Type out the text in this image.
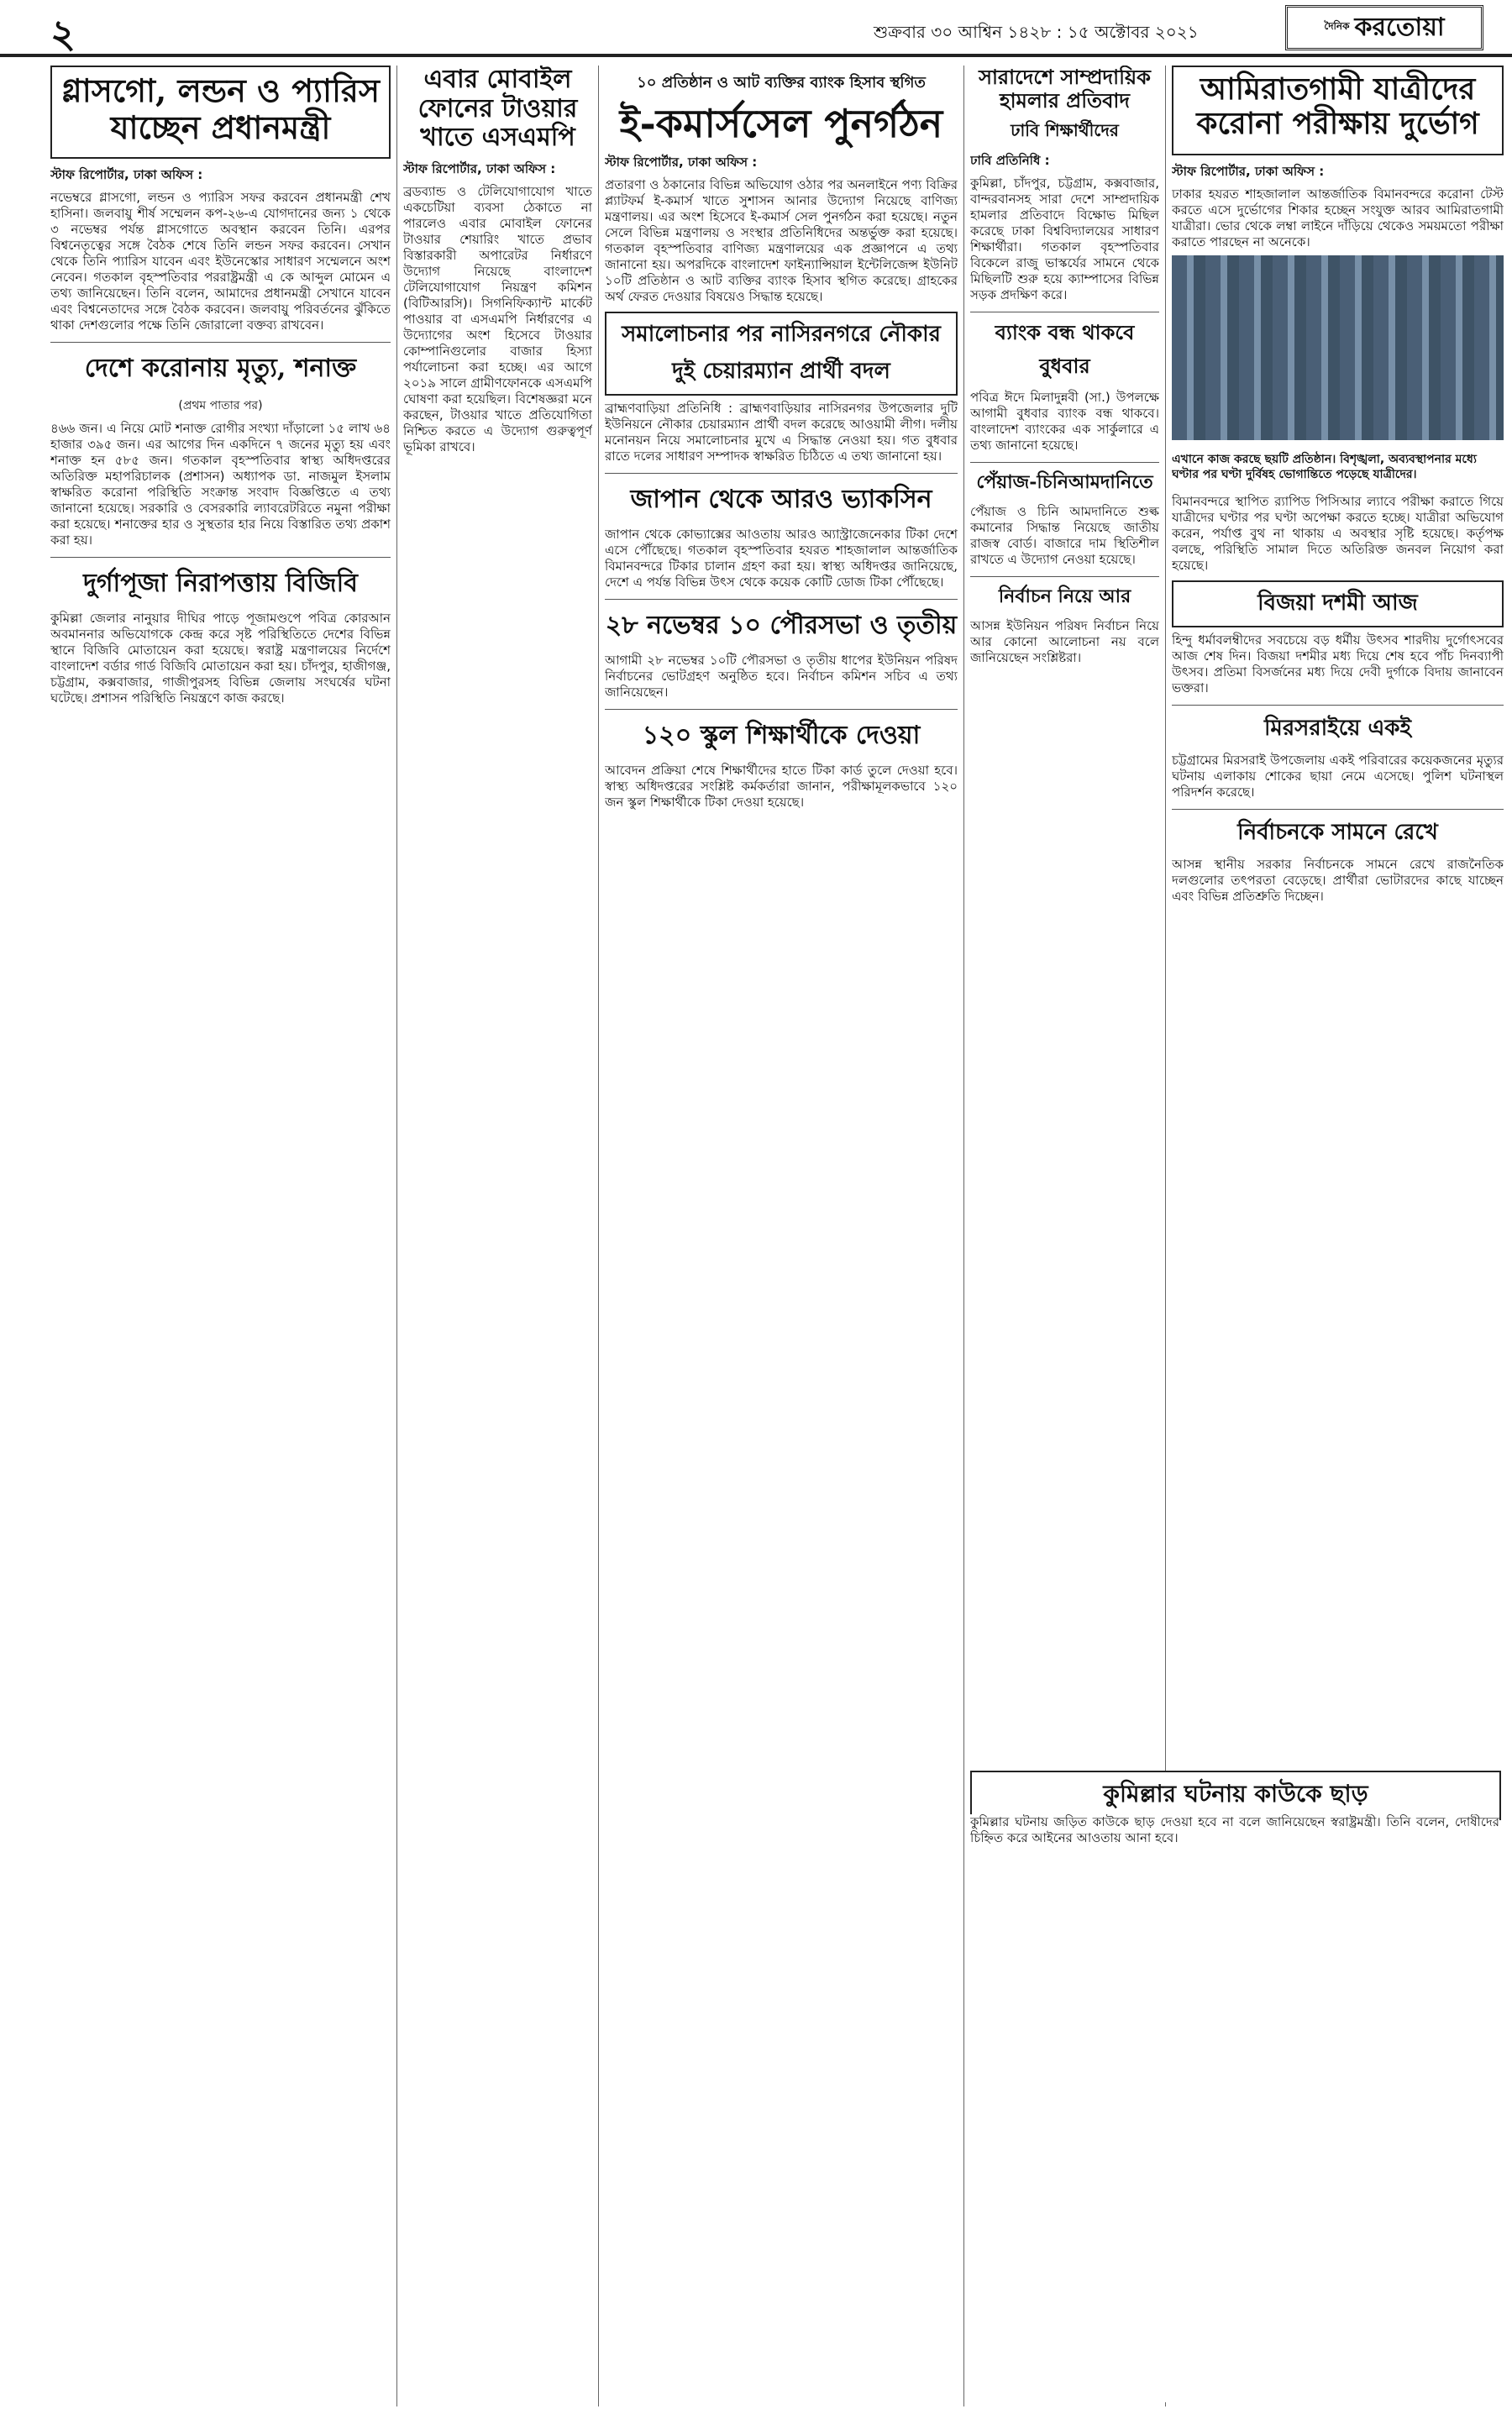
২	শুক্রবার ৩০ আশ্বিন ১৪২৮ : ১৫ অক্টোবর ২০২১	দৈনিক করতোয়া
গ্লাসগো, লন্ডন ও প্যারিস যাচ্ছেন প্রধানমন্ত্রী

স্টাফ রিপোর্টার, ঢাকা অফিস :

নভেম্বরে গ্লাসগো, লন্ডন ও প্যারিস সফর করবেন প্রধানমন্ত্রী শেখ হাসিনা। জলবায়ু শীর্ষ সম্মেলন কপ-২৬-এ যোগদানের জন্য ১ থেকে ৩ নভেম্বর পর্যন্ত গ্লাসগোতে অবস্থান করবেন তিনি। এরপর বিশ্বনেতৃত্বের সঙ্গে বৈঠক শেষে তিনি লন্ডন সফর করবেন। সেখান থেকে তিনি প্যারিস যাবেন এবং ইউনেস্কোর সাধারণ সম্মেলনে অংশ নেবেন। গতকাল বৃহস্পতিবার পররাষ্ট্রমন্ত্রী এ কে আব্দুল মোমেন এ তথ্য জানিয়েছেন। তিনি বলেন, আমাদের প্রধানমন্ত্রী সেখানে যাবেন এবং বিশ্বনেতাদের সঙ্গে বৈঠক করবেন। জলবায়ু পরিবর্তনের ঝুঁকিতে থাকা দেশগুলোর পক্ষে তিনি জোরালো বক্তব্য রাখবেন।

দেশে করোনায় মৃত্যু, শনাক্ত

(প্রথম পাতার পর)

৪৬৬ জন। এ নিয়ে মোট শনাক্ত রোগীর সংখ্যা দাঁড়ালো ১৫ লাখ ৬৪ হাজার ৩৯৫ জন। এর আগের দিন একদিনে ৭ জনের মৃত্যু হয় এবং শনাক্ত হন ৫৮৫ জন। গতকাল বৃহস্পতিবার স্বাস্থ্য অধিদপ্তরের অতিরিক্ত মহাপরিচালক (প্রশাসন) অধ্যাপক ডা. নাজমুল ইসলাম স্বাক্ষরিত করোনা পরিস্থিতি সংক্রান্ত সংবাদ বিজ্ঞপ্তিতে এ তথ্য জানানো হয়েছে। সরকারি ও বেসরকারি ল্যাবরেটরিতে নমুনা পরীক্ষা করা হয়েছে। শনাক্তের হার ও সুস্থতার হার নিয়ে বিস্তারিত তথ্য প্রকাশ করা হয়।

দুর্গাপূজা নিরাপত্তায় বিজিবি

কুমিল্লা জেলার নানুয়ার দীঘির পাড়ে পূজামণ্ডপে পবিত্র কোরআন অবমাননার অভিযোগকে কেন্দ্র করে সৃষ্ট পরিস্থিতিতে দেশের বিভিন্ন স্থানে বিজিবি মোতায়েন করা হয়েছে। স্বরাষ্ট্র মন্ত্রণালয়ের নির্দেশে বাংলাদেশ বর্ডার গার্ড বিজিবি মোতায়েন করা হয়। চাঁদপুর, হাজীগঞ্জ, চট্টগ্রাম, কক্সবাজার, গাজীপুরসহ বিভিন্ন জেলায় সংঘর্ষের ঘটনা ঘটেছে। প্রশাসন পরিস্থিতি নিয়ন্ত্রণে কাজ করছে।

এবার মোবাইল ফোনের টাওয়ার খাতে এসএমপি

স্টাফ রিপোর্টার, ঢাকা অফিস :

ব্রডব্যান্ড ও টেলিযোগাযোগ খাতে একচেটিয়া ব্যবসা ঠেকাতে না পারলেও এবার মোবাইল ফোনের টাওয়ার শেয়ারিং খাতে প্রভাব বিস্তারকারী অপারেটর নির্ধারণে উদ্যোগ নিয়েছে বাংলাদেশ টেলিযোগাযোগ নিয়ন্ত্রণ কমিশন (বিটিআরসি)। সিগনিফিক্যান্ট মার্কেট পাওয়ার বা এসএমপি নির্ধারণের এ উদ্যোগের অংশ হিসেবে টাওয়ার কোম্পানিগুলোর বাজার হিস্যা পর্যালোচনা করা হচ্ছে। এর আগে ২০১৯ সালে গ্রামীণফোনকে এসএমপি ঘোষণা করা হয়েছিল। বিশেষজ্ঞরা মনে করছেন, টাওয়ার খাতে প্রতিযোগিতা নিশ্চিত করতে এ উদ্যোগ গুরুত্বপূর্ণ ভূমিকা রাখবে।

১০ প্রতিষ্ঠান ও আট ব্যক্তির ব্যাংক হিসাব স্থগিত

ই-কমার্সসেল পুনর্গঠন

স্টাফ রিপোর্টার, ঢাকা অফিস :

প্রতারণা ও ঠকানোর বিভিন্ন অভিযোগ ওঠার পর অনলাইনে পণ্য বিক্রির প্ল্যাটফর্ম ই-কমার্স খাতে সুশাসন আনার উদ্যোগ নিয়েছে বাণিজ্য মন্ত্রণালয়। এর অংশ হিসেবে ই-কমার্স সেল পুনর্গঠন করা হয়েছে। নতুন সেলে বিভিন্ন মন্ত্রণালয় ও সংস্থার প্রতিনিধিদের অন্তর্ভুক্ত করা হয়েছে। গতকাল বৃহস্পতিবার বাণিজ্য মন্ত্রণালয়ের এক প্রজ্ঞাপনে এ তথ্য জানানো হয়। অপরদিকে বাংলাদেশ ফাইন্যান্সিয়াল ইন্টেলিজেন্স ইউনিট ১০টি প্রতিষ্ঠান ও আট ব্যক্তির ব্যাংক হিসাব স্থগিত করেছে। গ্রাহকের অর্থ ফেরত দেওয়ার বিষয়েও সিদ্ধান্ত হয়েছে।

সমালোচনার পর নাসিরনগরে নৌকার দুই চেয়ারম্যান প্রার্থী বদল

ব্রাহ্মণবাড়িয়া প্রতিনিধি : ব্রাহ্মণবাড়িয়ার নাসিরনগর উপজেলার দুটি ইউনিয়নে নৌকার চেয়ারম্যান প্রার্থী বদল করেছে আওয়ামী লীগ। দলীয় মনোনয়ন নিয়ে সমালোচনার মুখে এ সিদ্ধান্ত নেওয়া হয়। গত বুধবার রাতে দলের সাধারণ সম্পাদক স্বাক্ষরিত চিঠিতে এ তথ্য জানানো হয়।

জাপান থেকে আরও ভ্যাকসিন

জাপান থেকে কোভ্যাক্সের আওতায় আরও অ্যাস্ট্রাজেনেকার টিকা দেশে এসে পৌঁছেছে। গতকাল বৃহস্পতিবার হযরত শাহজালাল আন্তর্জাতিক বিমানবন্দরে টিকার চালান গ্রহণ করা হয়। স্বাস্থ্য অধিদপ্তর জানিয়েছে, দেশে এ পর্যন্ত বিভিন্ন উৎস থেকে কয়েক কোটি ডোজ টিকা পৌঁছেছে।

২৮ নভেম্বর ১০ পৌরসভা ও তৃতীয়

আগামী ২৮ নভেম্বর ১০টি পৌরসভা ও তৃতীয় ধাপের ইউনিয়ন পরিষদ নির্বাচনের ভোটগ্রহণ অনুষ্ঠিত হবে। নির্বাচন কমিশন সচিব এ তথ্য জানিয়েছেন।

১২০ স্কুল শিক্ষার্থীকে দেওয়া

আবেদন প্রক্রিয়া শেষে শিক্ষার্থীদের হাতে টিকা কার্ড তুলে দেওয়া হবে। স্বাস্থ্য অধিদপ্তরের সংশ্লিষ্ট কর্মকর্তারা জানান, পরীক্ষামূলকভাবে ১২০ জন স্কুল শিক্ষার্থীকে টিকা দেওয়া হয়েছে।

সারাদেশে সাম্প্রদায়িক হামলার প্রতিবাদ

ঢাবি শিক্ষার্থীদের

ঢাবি প্রতিনিধি :

কুমিল্লা, চাঁদপুর, চট্টগ্রাম, কক্সবাজার, বান্দরবানসহ সারা দেশে সাম্প্রদায়িক হামলার প্রতিবাদে বিক্ষোভ মিছিল করেছে ঢাকা বিশ্ববিদ্যালয়ের সাধারণ শিক্ষার্থীরা। গতকাল বৃহস্পতিবার বিকেলে রাজু ভাস্কর্যের সামনে থেকে মিছিলটি শুরু হয়ে ক্যাম্পাসের বিভিন্ন সড়ক প্রদক্ষিণ করে।

ব্যাংক বন্ধ থাকবে বুধবার

পবিত্র ঈদে মিলাদুন্নবী (সা.) উপলক্ষে আগামী বুধবার ব্যাংক বন্ধ থাকবে। বাংলাদেশ ব্যাংকের এক সার্কুলারে এ তথ্য জানানো হয়েছে।

পেঁয়াজ-চিনিআমদানিতে

পেঁয়াজ ও চিনি আমদানিতে শুল্ক কমানোর সিদ্ধান্ত নিয়েছে জাতীয় রাজস্ব বোর্ড। বাজারে দাম স্থিতিশীল রাখতে এ উদ্যোগ নেওয়া হয়েছে।

নির্বাচন নিয়ে আর

আসন্ন ইউনিয়ন পরিষদ নির্বাচন নিয়ে আর কোনো আলোচনা নয় বলে জানিয়েছেন সংশ্লিষ্টরা।

আমিরাতগামী যাত্রীদের করোনা পরীক্ষায় দুর্ভোগ

স্টাফ রিপোর্টার, ঢাকা অফিস :

ঢাকার হযরত শাহজালাল আন্তর্জাতিক বিমানবন্দরে করোনা টেস্ট করতে এসে দুর্ভোগের শিকার হচ্ছেন সংযুক্ত আরব আমিরাতগামী যাত্রীরা। ভোর থেকে লম্বা লাইনে দাঁড়িয়ে থেকেও সময়মতো পরীক্ষা করাতে পারছেন না অনেকে।

এখানে কাজ করছে ছয়টি প্রতিষ্ঠান। বিশৃঙ্খলা, অব্যবস্থাপনার মধ্যে ঘণ্টার পর ঘণ্টা দুর্বিষহ ভোগান্তিতে পড়েছে যাত্রীদের।

বিমানবন্দরে স্থাপিত র‍্যাপিড পিসিআর ল্যাবে পরীক্ষা করাতে গিয়ে যাত্রীদের ঘণ্টার পর ঘণ্টা অপেক্ষা করতে হচ্ছে। যাত্রীরা অভিযোগ করেন, পর্যাপ্ত বুথ না থাকায় এ অবস্থার সৃষ্টি হয়েছে। কর্তৃপক্ষ বলছে, পরিস্থিতি সামাল দিতে অতিরিক্ত জনবল নিয়োগ করা হয়েছে।

বিজয়া দশমী আজ

হিন্দু ধর্মাবলম্বীদের সবচেয়ে বড় ধর্মীয় উৎসব শারদীয় দুর্গোৎসবের আজ শেষ দিন। বিজয়া দশমীর মধ্য দিয়ে শেষ হবে পাঁচ দিনব্যাপী উৎসব। প্রতিমা বিসর্জনের মধ্য দিয়ে দেবী দুর্গাকে বিদায় জানাবেন ভক্তরা।

মিরসরাইয়ে একই

চট্টগ্রামের মিরসরাই উপজেলায় একই পরিবারের কয়েকজনের মৃত্যুর ঘটনায় এলাকায় শোকের ছায়া নেমে এসেছে। পুলিশ ঘটনাস্থল পরিদর্শন করেছে।

নির্বাচনকে সামনে রেখে

আসন্ন স্থানীয় সরকার নির্বাচনকে সামনে রেখে রাজনৈতিক দলগুলোর তৎপরতা বেড়েছে। প্রার্থীরা ভোটারদের কাছে যাচ্ছেন এবং বিভিন্ন প্রতিশ্রুতি দিচ্ছেন।

কুমিল্লার ঘটনায় কাউকে ছাড়

কুমিল্লার ঘটনায় জড়িত কাউকে ছাড় দেওয়া হবে না বলে জানিয়েছেন স্বরাষ্ট্রমন্ত্রী। তিনি বলেন, দোষীদের চিহ্নিত করে আইনের আওতায় আনা হবে।
